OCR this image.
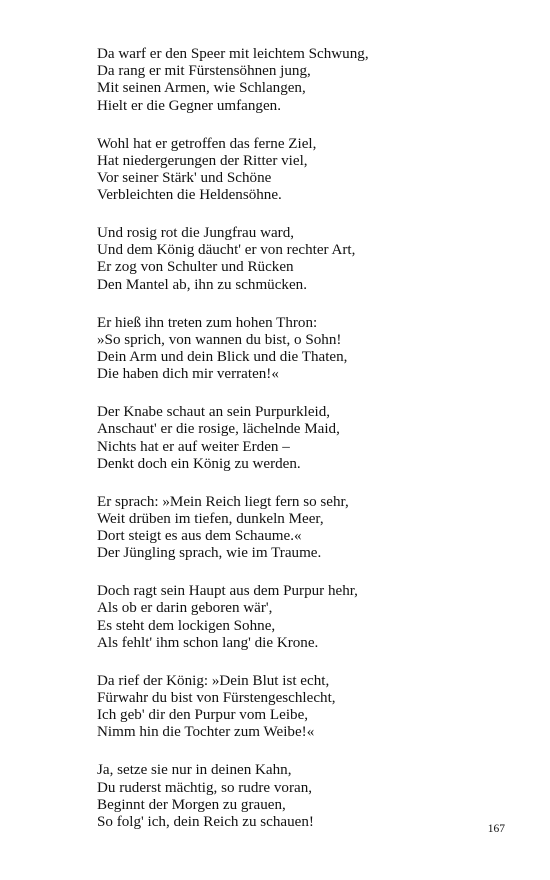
Da warf er den Speer mit leichtem Schwung,
Da rang er mit Fürstensöhnen jung,
Mit seinen Armen, wie Schlangen,
Hielt er die Gegner umfangen.
Wohl hat er getroffen das ferne Ziel,
Hat niedergerungen der Ritter viel,
Vor seiner Stärk' und Schöne
Verbleichten die Heldensöhne.
Und rosig rot die Jungfrau ward,
Und dem König däucht' er von rechter Art,
Er zog von Schulter und Rücken
Den Mantel ab, ihn zu schmücken.
Er hieß ihn treten zum hohen Thron:
»So sprich, von wannen du bist, o Sohn!
Dein Arm und dein Blick und die Thaten,
Die haben dich mir verraten!«
Der Knabe schaut an sein Purpurkleid,
Anschaut' er die rosige, lächelnde Maid,
Nichts hat er auf weiter Erden –
Denkt doch ein König zu werden.
Er sprach: »Mein Reich liegt fern so sehr,
Weit drüben im tiefen, dunkeln Meer,
Dort steigt es aus dem Schaume.«
Der Jüngling sprach, wie im Traume.
Doch ragt sein Haupt aus dem Purpur hehr,
Als ob er darin geboren wär',
Es steht dem lockigen Sohne,
Als fehlt' ihm schon lang' die Krone.
Da rief der König: »Dein Blut ist echt,
Fürwahr du bist von Fürstengeschlecht,
Ich geb' dir den Purpur vom Leibe,
Nimm hin die Tochter zum Weibe!«
Ja, setze sie nur in deinen Kahn,
Du ruderst mächtig, so rudre voran,
Beginnt der Morgen zu grauen,
So folg' ich, dein Reich zu schauen!	167
